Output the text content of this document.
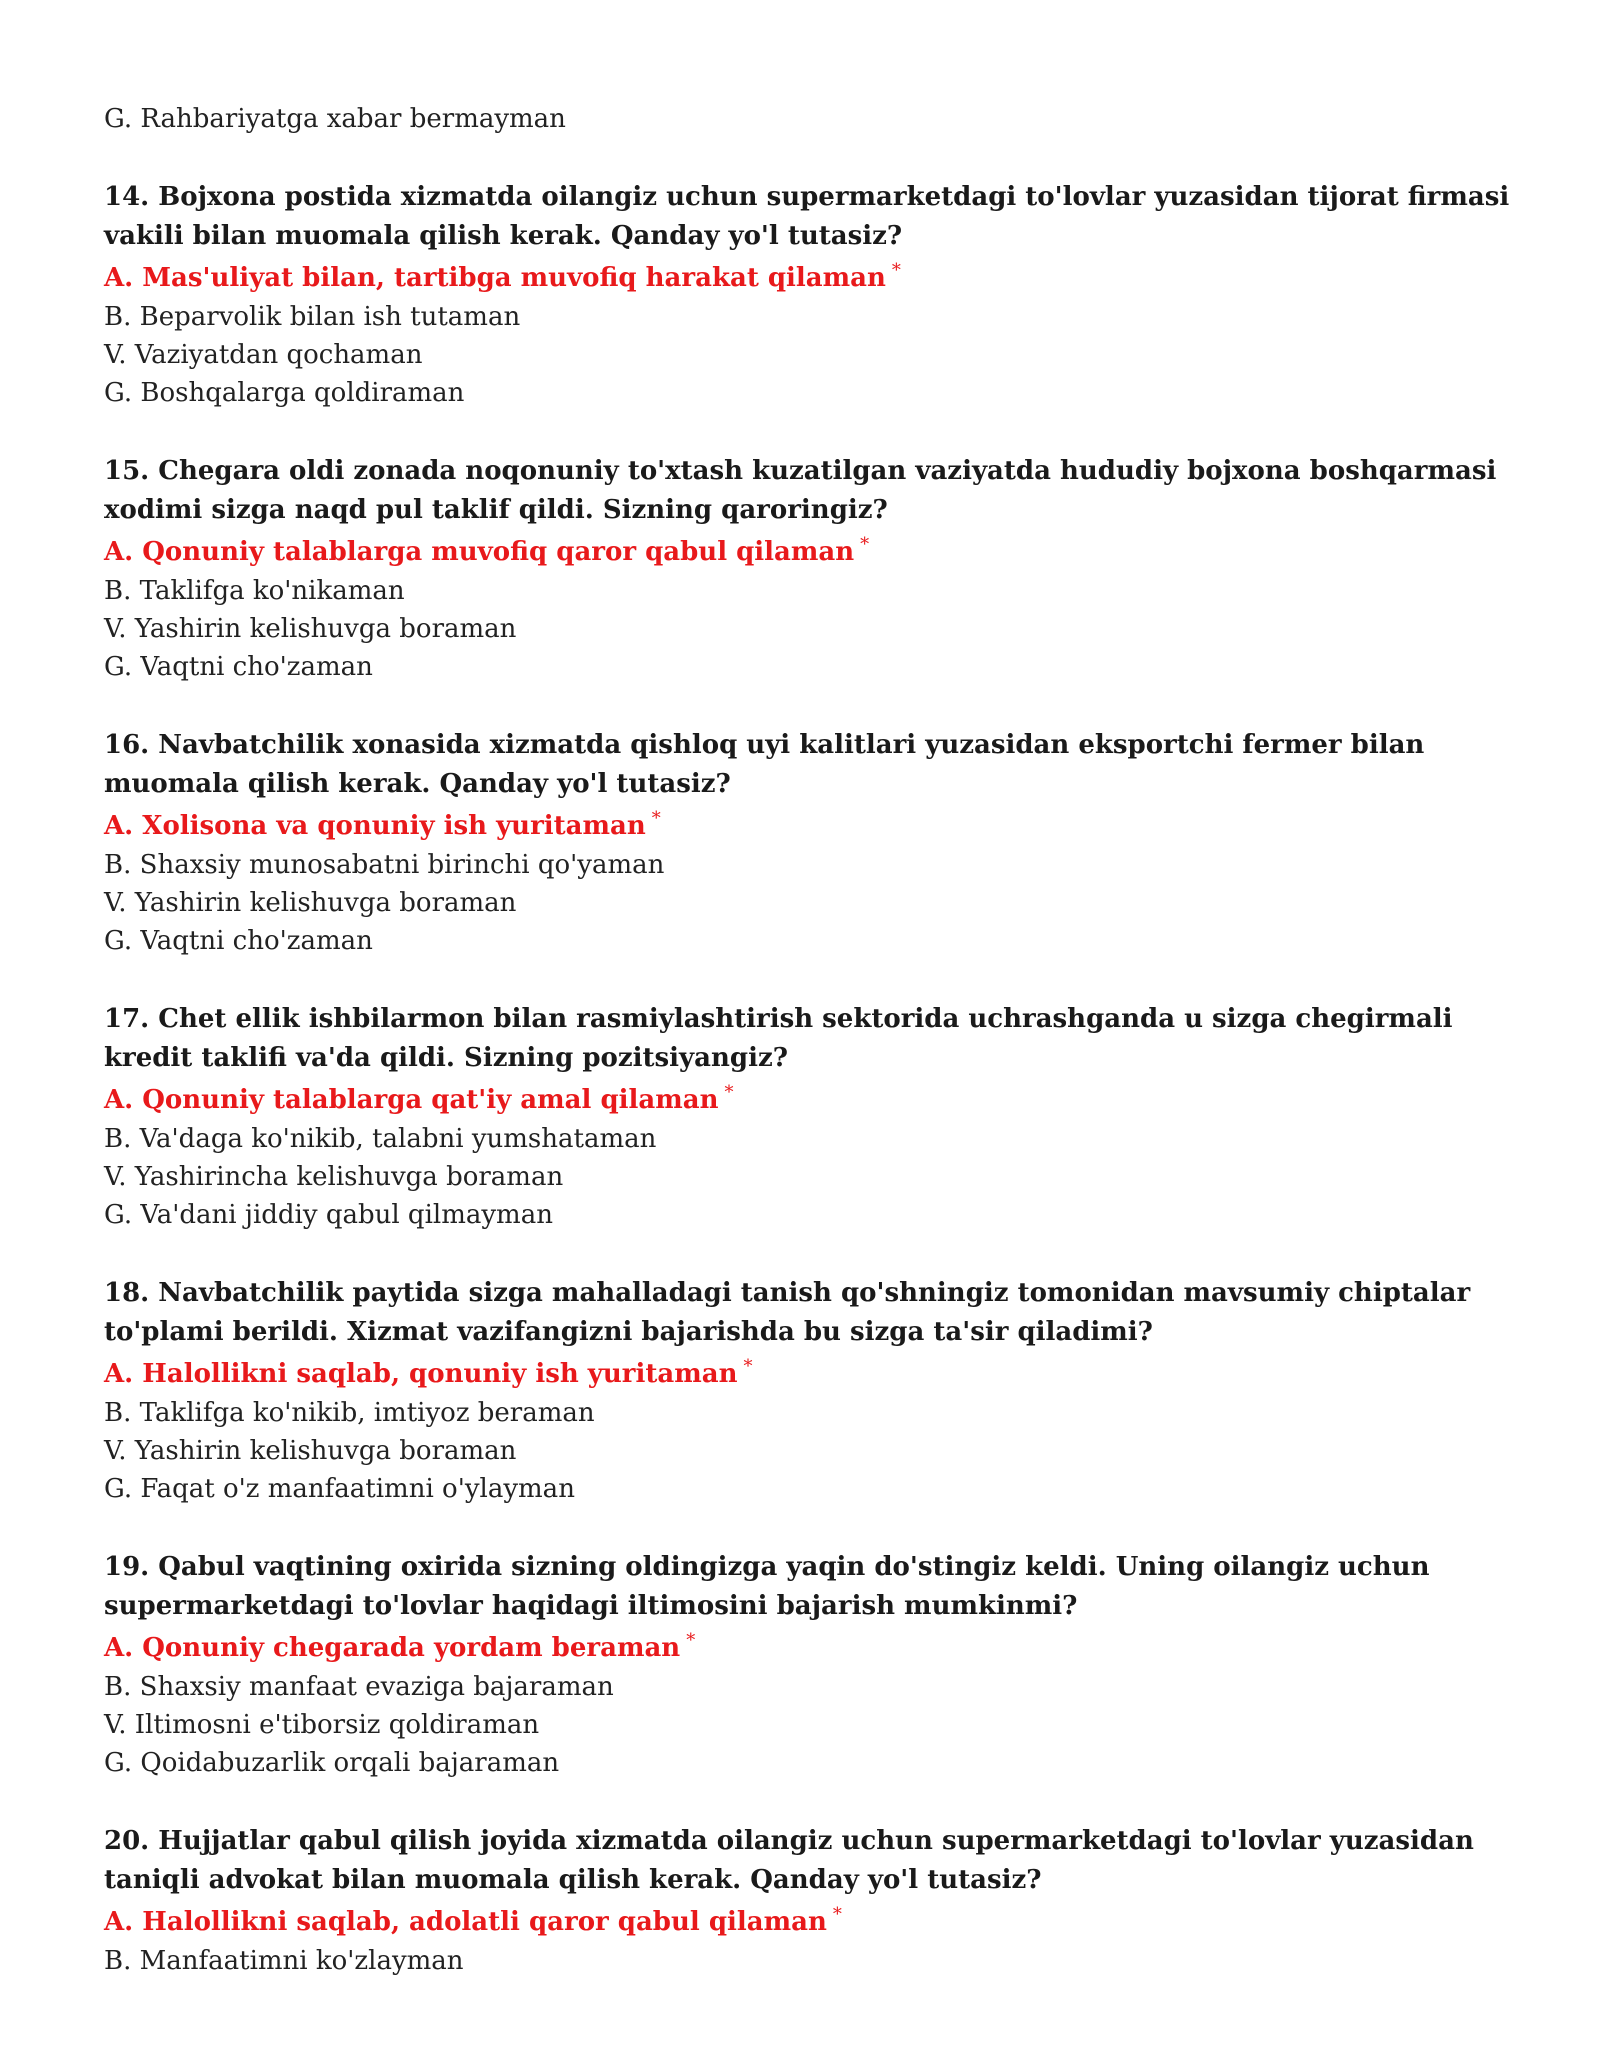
G. Rahbariyatga xabar bermayman

14. Bojxona postida xizmatda oilangiz uchun supermarketdagi to'lovlar yuzasidan tijorat firmasi vakili bilan muomala qilish kerak. Qanday yo'l tutasiz?

A. Mas'uliyat bilan, tartibga muvofiq harakat qilaman *

B. Beparvolik bilan ish tutaman

V. Vaziyatdan qochaman

G. Boshqalarga qoldiraman

15. Chegara oldi zonada noqonuniy to'xtash kuzatilgan vaziyatda hududiy bojxona boshqarmasi xodimi sizga naqd pul taklif qildi. Sizning qaroringiz?

A. Qonuniy talablarga muvofiq qaror qabul qilaman *

B. Taklifga ko'nikaman

V. Yashirin kelishuvga boraman

G. Vaqtni cho'zaman

16. Navbatchilik xonasida xizmatda qishloq uyi kalitlari yuzasidan eksportchi fermer bilan muomala qilish kerak. Qanday yo'l tutasiz?

A. Xolisona va qonuniy ish yuritaman *

B. Shaxsiy munosabatni birinchi qo'yaman

V. Yashirin kelishuvga boraman

G. Vaqtni cho'zaman

17. Chet ellik ishbilarmon bilan rasmiylashtirish sektorida uchrashganda u sizga chegirmali kredit taklifi va'da qildi. Sizning pozitsiyangiz?

A. Qonuniy talablarga qat'iy amal qilaman *

B. Va'daga ko'nikib, talabni yumshataman

V. Yashirincha kelishuvga boraman

G. Va'dani jiddiy qabul qilmayman

18. Navbatchilik paytida sizga mahalladagi tanish qo'shningiz tomonidan mavsumiy chiptalar to'plami berildi. Xizmat vazifangizni bajarishda bu sizga ta'sir qiladimi?

A. Halollikni saqlab, qonuniy ish yuritaman *

B. Taklifga ko'nikib, imtiyoz beraman

V. Yashirin kelishuvga boraman

G. Faqat o'z manfaatimni o'ylayman

19. Qabul vaqtining oxirida sizning oldingizga yaqin do'stingiz keldi. Uning oilangiz uchun supermarketdagi to'lovlar haqidagi iltimosini bajarish mumkinmi?

A. Qonuniy chegarada yordam beraman *

B. Shaxsiy manfaat evaziga bajaraman

V. Iltimosni e'tiborsiz qoldiraman

G. Qoidabuzarlik orqali bajaraman

20. Hujjatlar qabul qilish joyida xizmatda oilangiz uchun supermarketdagi to'lovlar yuzasidan taniqli advokat bilan muomala qilish kerak. Qanday yo'l tutasiz?

A. Halollikni saqlab, adolatli qaror qabul qilaman *

B. Manfaatimni ko'zlayman
